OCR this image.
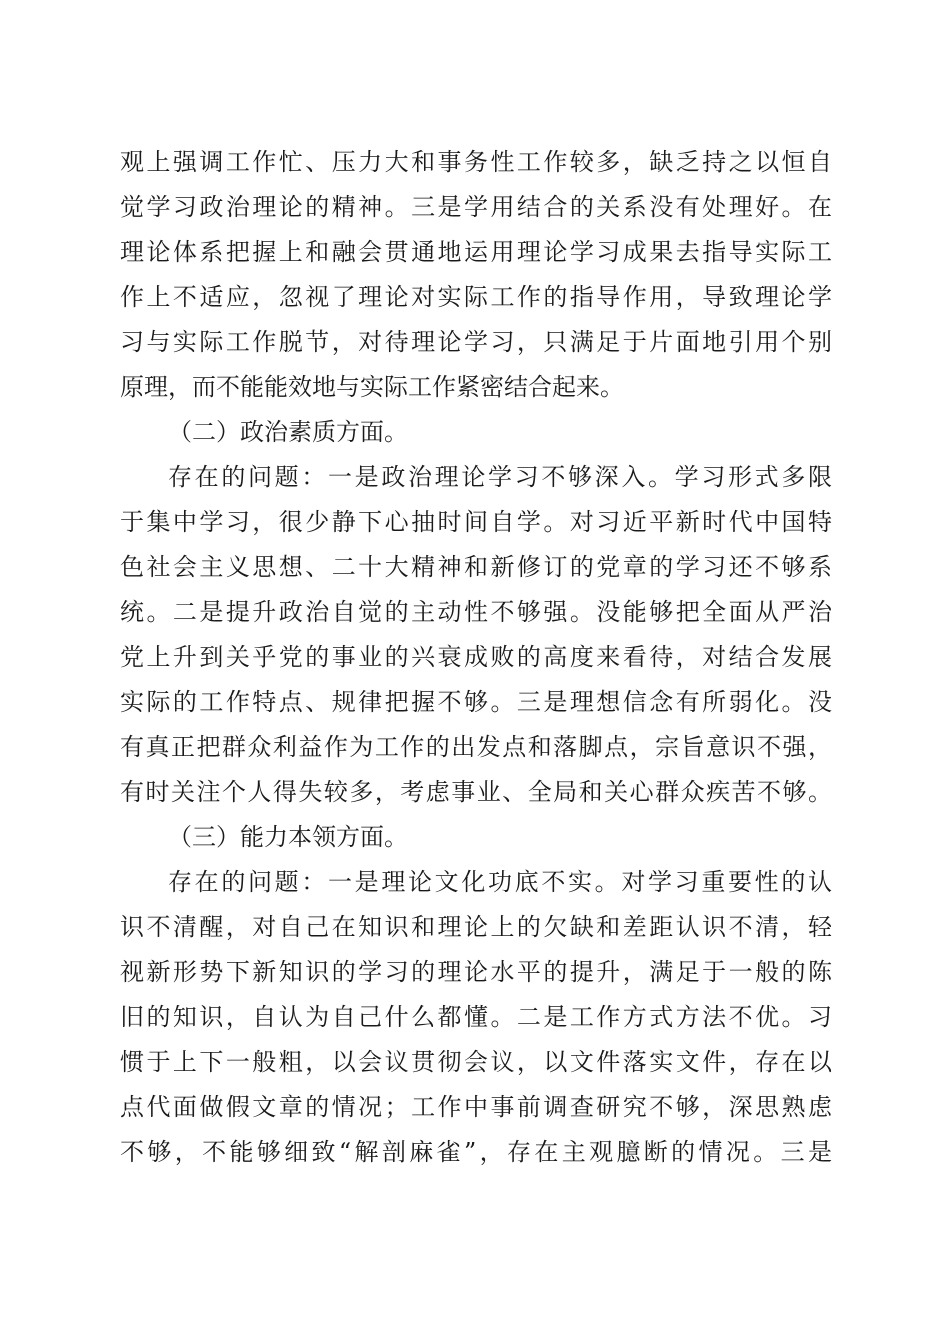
观上强调工作忙、压力大和事务性工作较多，缺乏持之以恒自
觉学习政治理论的精神。三是学用结合的关系没有处理好。在
理论体系把握上和融会贯通地运用理论学习成果去指导实际工
作上不适应，忽视了理论对实际工作的指导作用，导致理论学
习与实际工作脱节，对待理论学习，只满足于片面地引用个别
原理，而不能能效地与实际工作紧密结合起来。
（二）政治素质方面。
存在的问题：一是政治理论学习不够深入。学习形式多限
于集中学习，很少静下心抽时间自学。对习近平新时代中国特
色社会主义思想、二十大精神和新修订的党章的学习还不够系
统。二是提升政治自觉的主动性不够强。没能够把全面从严治
党上升到关乎党的事业的兴衰成败的高度来看待，对结合发展
实际的工作特点、规律把握不够。三是理想信念有所弱化。没
有真正把群众利益作为工作的出发点和落脚点，宗旨意识不强，
有时关注个人得失较多，考虑事业、全局和关心群众疾苦不够。
（三）能力本领方面。
存在的问题：一是理论文化功底不实。对学习重要性的认
识不清醒，对自己在知识和理论上的欠缺和差距认识不清，轻
视新形势下新知识的学习的理论水平的提升，满足于一般的陈
旧的知识，自认为自己什么都懂。二是工作方式方法不优。习
惯于上下一般粗，以会议贯彻会议，以文件落实文件，存在以
点代面做假文章的情况；工作中事前调查研究不够，深思熟虑
不够，不能够细致“解剖麻雀”，存在主观臆断的情况。三是
